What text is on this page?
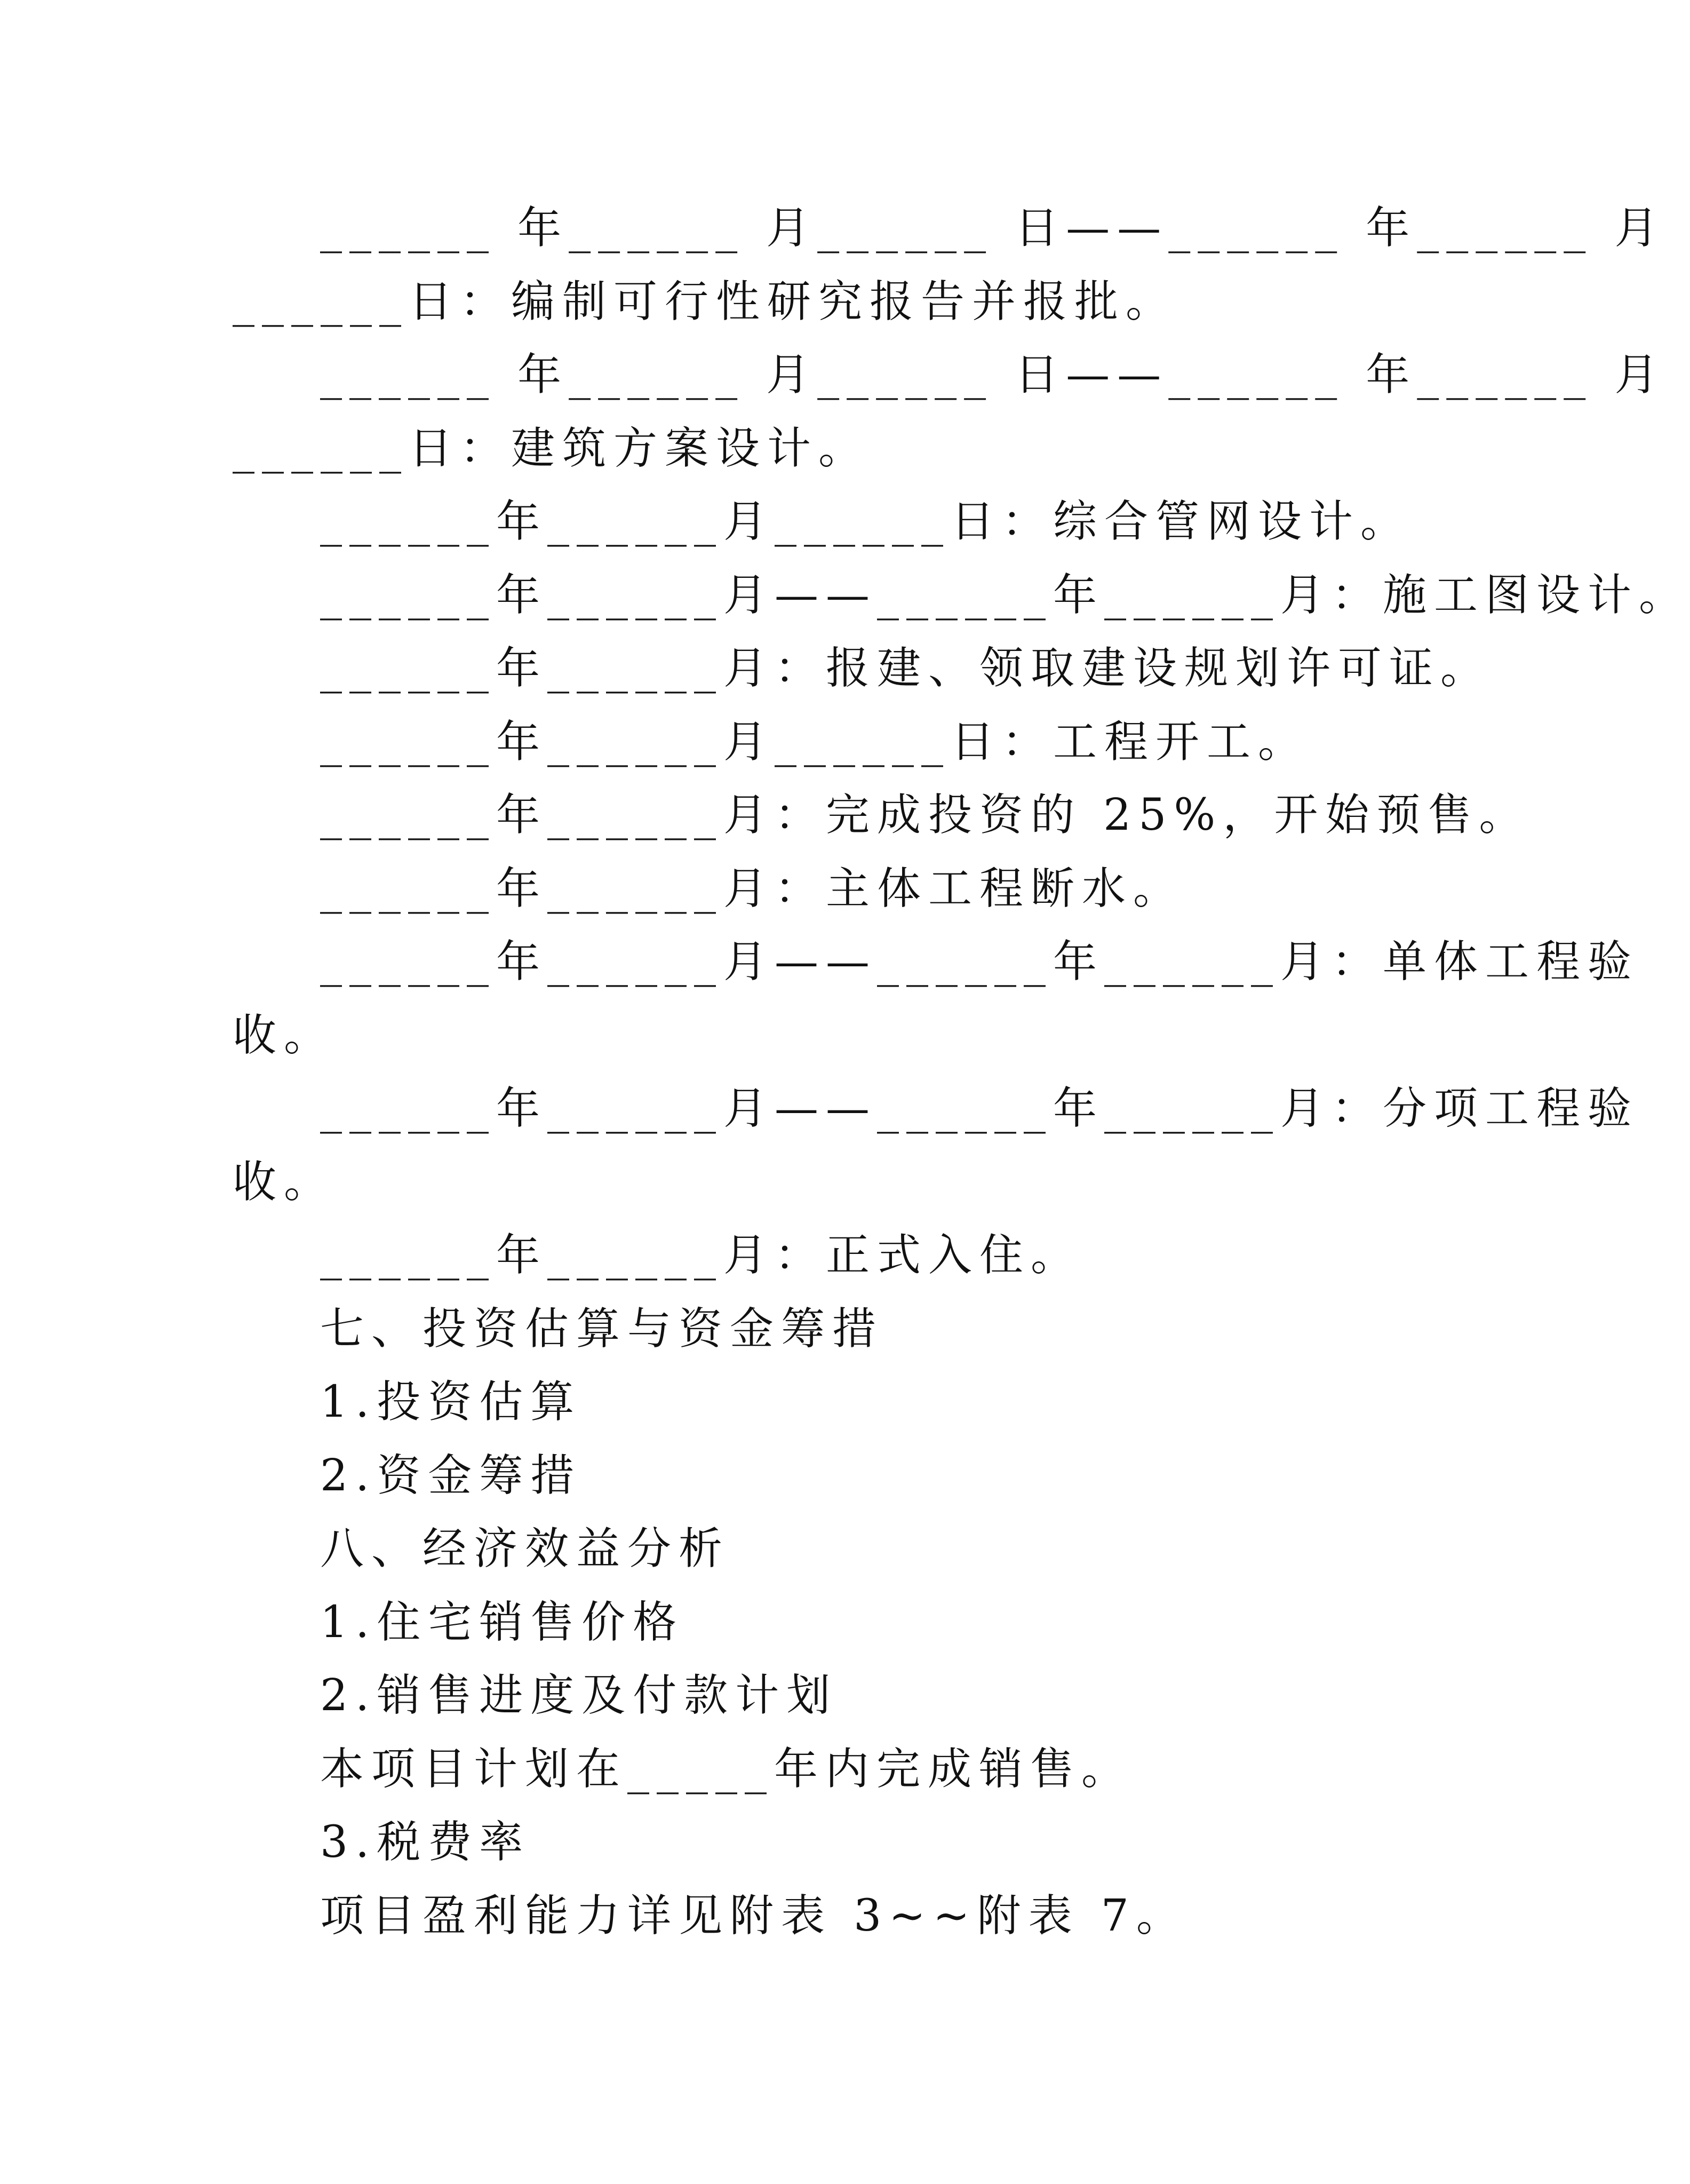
______ 年______ 月______ 日——______ 年______ 月
______日：编制可行性研究报告并报批。
______ 年______ 月______ 日——______ 年______ 月
______日：建筑方案设计。
______年______月______日：综合管网设计。
______年______月——______年______月：施工图设计。
______年______月：报建、领取建设规划许可证。
______年______月______日：工程开工。
______年______月：完成投资的 25%，开始预售。
______年______月：主体工程断水。
______年______月——______年______月：单体工程验
收。
______年______月——______年______月：分项工程验
收。
______年______月：正式入住。
七、投资估算与资金筹措
1.投资估算
2.资金筹措
八、经济效益分析
1.住宅销售价格
2.销售进度及付款计划
本项目计划在_____年内完成销售。
3.税费率
项目盈利能力详见附表 3~~附表 7。
